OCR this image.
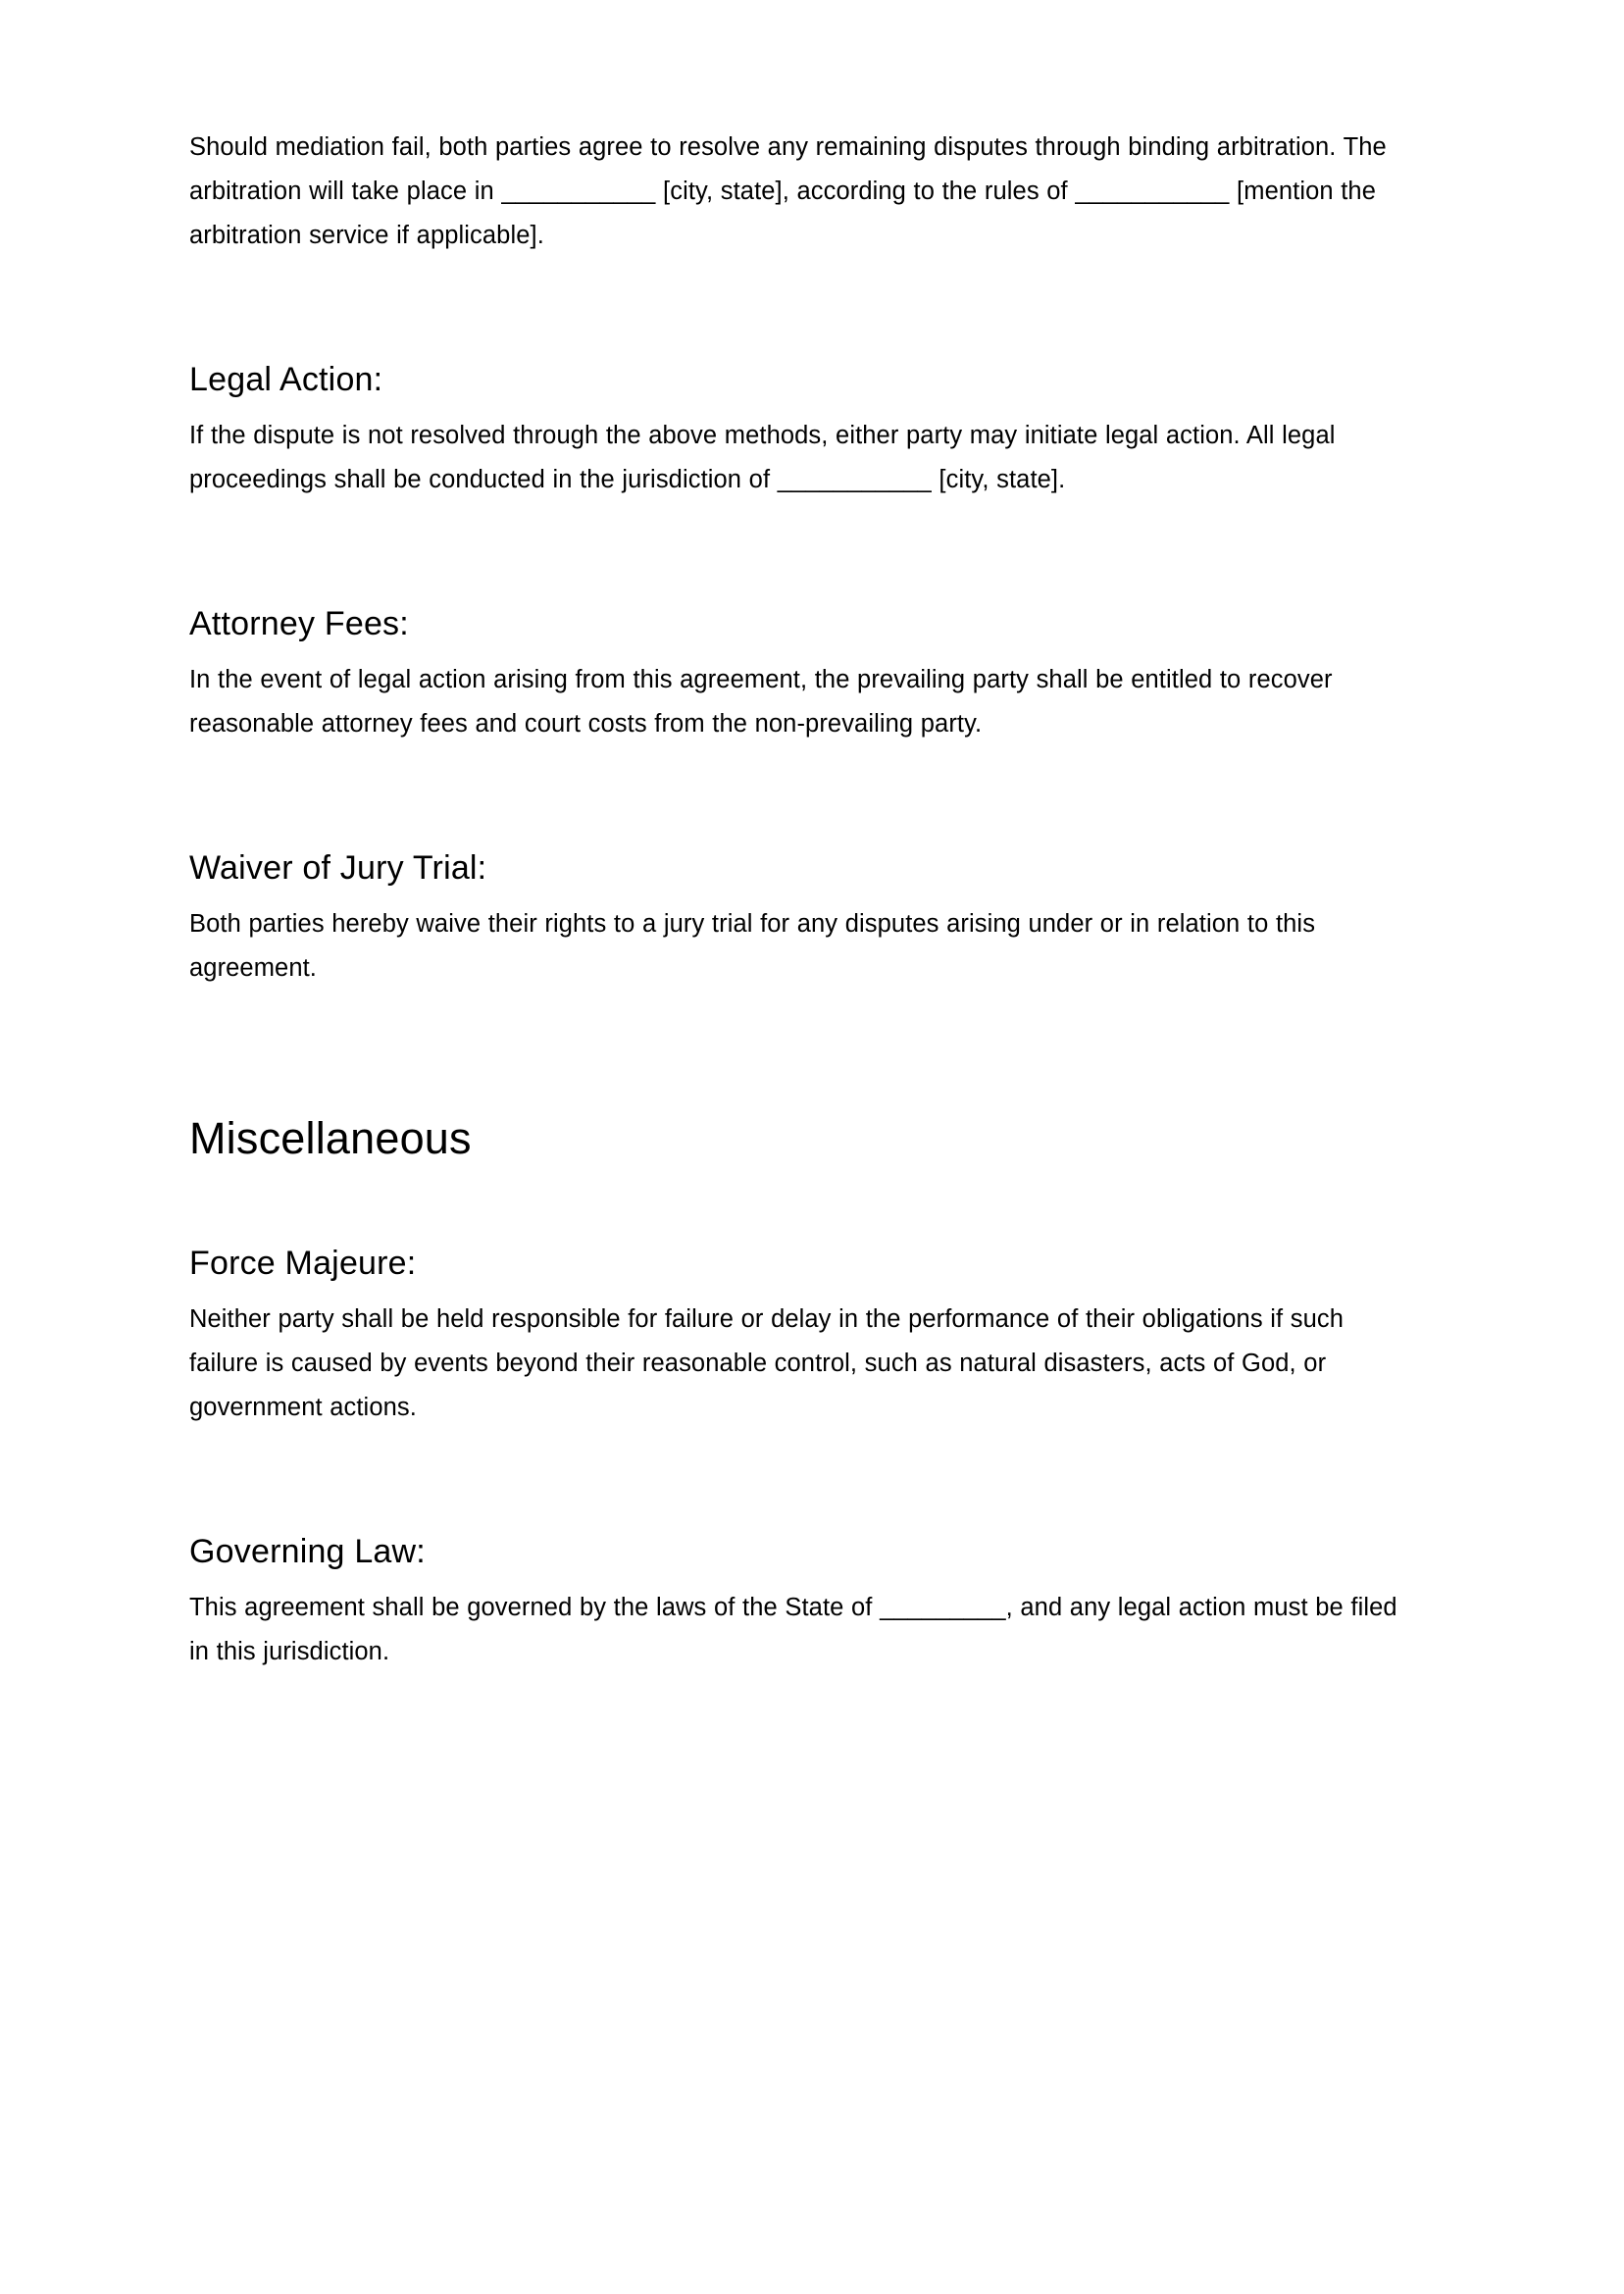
Should mediation fail, both parties agree to resolve any remaining disputes through binding arbitration. The arbitration will take place in ___________ [city, state], according to the rules of ___________ [mention the arbitration service if applicable].

Legal Action:

If the dispute is not resolved through the above methods, either party may initiate legal action. All legal proceedings shall be conducted in the jurisdiction of ___________ [city, state].

Attorney Fees:

In the event of legal action arising from this agreement, the prevailing party shall be entitled to recover reasonable attorney fees and court costs from the non-prevailing party.

Waiver of Jury Trial:

Both parties hereby waive their rights to a jury trial for any disputes arising under or in relation to this agreement.

Miscellaneous
Force Majeure:

Neither party shall be held responsible for failure or delay in the performance of their obligations if such failure is caused by events beyond their reasonable control, such as natural disasters, acts of God, or government actions.

Governing Law:

This agreement shall be governed by the laws of the State of _________, and any legal action must be filed in this jurisdiction.
